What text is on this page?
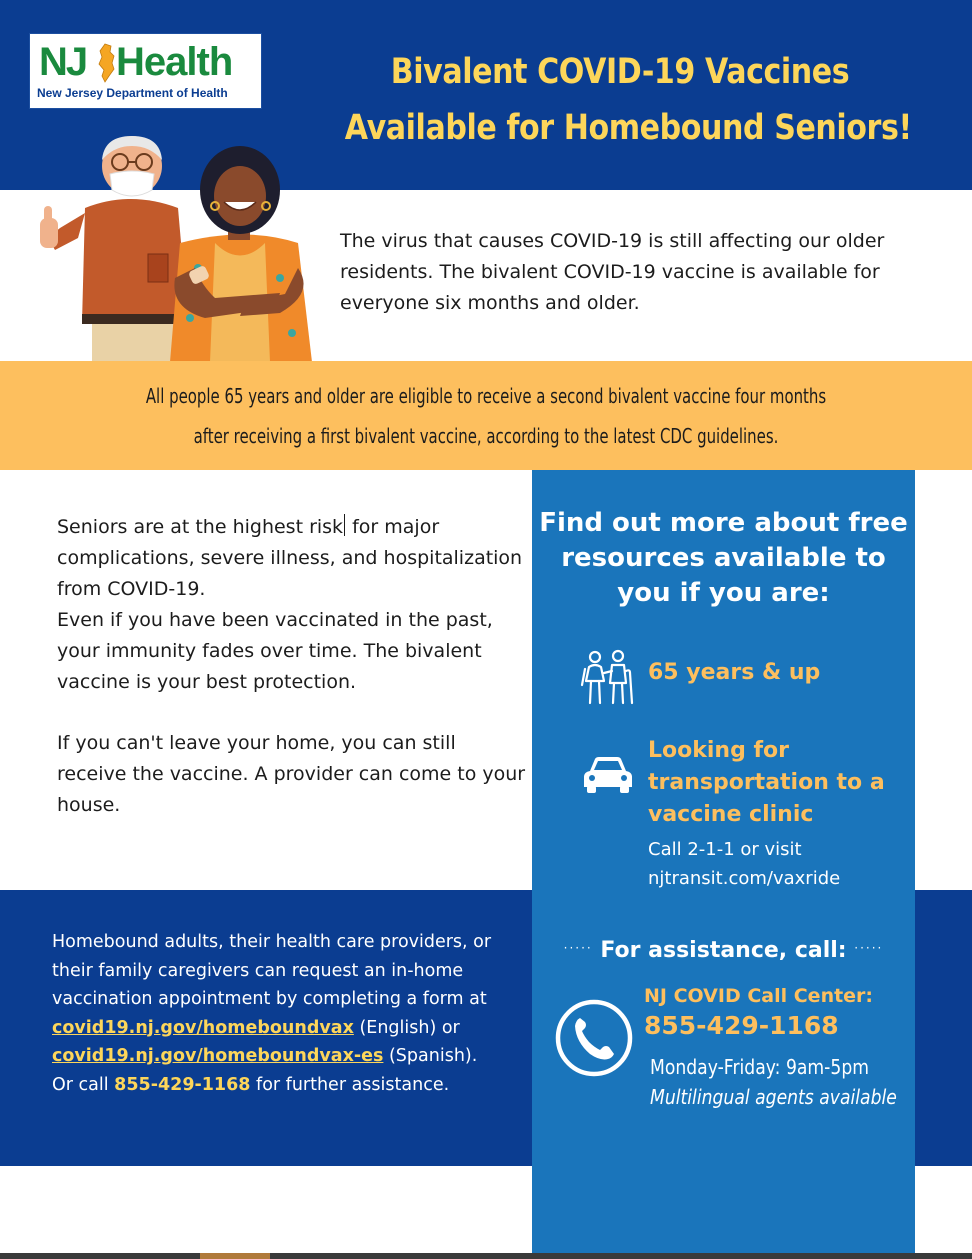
NJ Health
New Jersey Department of Health
Bivalent COVID-19 Vaccines
Available for Homebound Seniors!
The virus that causes COVID-19 is still affecting our older residents. The bivalent COVID-19 vaccine is available for everyone six months and older.
All people 65 years and older are eligible to receive a second bivalent vaccine four months
after receiving a first bivalent vaccine, according to the latest CDC guidelines.
Seniors are at the highest risk for major complications, severe illness, and hospitalization from COVID-19.
Even if you have been vaccinated in the past, your immunity fades over time. The bivalent vaccine is your best protection.
If you can't leave your home, you can still receive the vaccine. A provider can come to your house.
Homebound adults, their health care providers, or their family caregivers can request an in-home vaccination appointment by completing a form at
covid19.nj.gov/homeboundvax (English) or
covid19.nj.gov/homeboundvax-es (Spanish).
Or call 855-429-1168 for further assistance.
Find out more about free resources available to you if you are:
65 years & up
Looking for transportation to a vaccine clinic
Call 2-1-1 or visit njtransit.com/vaxride
····· For assistance, call: ·····
NJ COVID Call Center:
855-429-1168
Monday-Friday: 9am-5pm
Multilingual agents available
